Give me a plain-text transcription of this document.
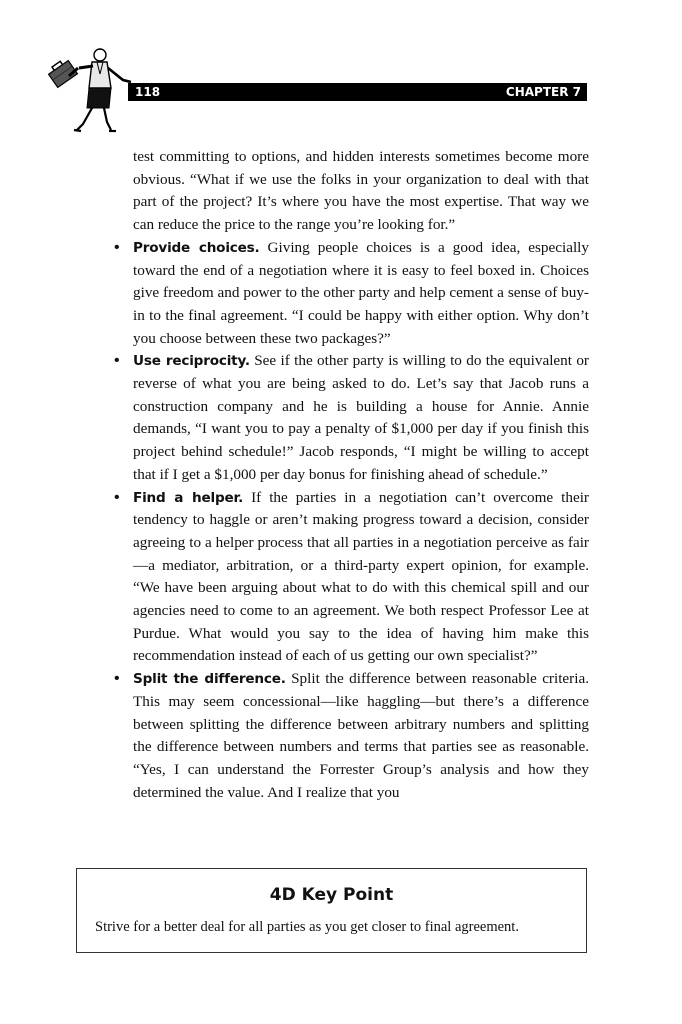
118	CHAPTER 7

test committing to options, and hidden interests sometimes become more obvious. “What if we use the folks in your organization to deal with that part of the project? It’s where you have the most expertise. That way we can reduce the price to the range you’re looking for.”

• Provide choices. Giving people choices is a good idea, especially toward the end of a negotiation where it is easy to feel boxed in. Choices give freedom and power to the other party and help cement a sense of buy-in to the final agreement. “I could be happy with either option. Why don’t you choose between these two packages?”
• Use reciprocity. See if the other party is willing to do the equivalent or reverse of what you are being asked to do. Let’s say that Jacob runs a construction company and he is building a house for Annie. Annie demands, “I want you to pay a penalty of $1,000 per day if you finish this project behind schedule!” Jacob responds, “I might be willing to accept that if I get a $1,000 per day bonus for finishing ahead of schedule.”
• Find a helper. If the parties in a negotiation can’t overcome their tendency to haggle or aren’t making progress toward a decision, consider agreeing to a helper process that all parties in a negotiation perceive as fair—a mediator, arbitration, or a third-party expert opinion, for example. “We have been arguing about what to do with this chemical spill and our agencies need to come to an agreement. We both respect Professor Lee at Purdue. What would you say to the idea of having him make this recommendation instead of each of us getting our own specialist?”
• Split the difference. Split the difference between reasonable criteria. This may seem concessional—like haggling—but there’s a difference between splitting the difference between arbitrary numbers and splitting the difference between numbers and terms that parties see as reasonable. “Yes, I can understand the Forrester Group’s analysis and how they determined the value. And I realize that you
4D Key Point
Strive for a better deal for all parties as you get closer to final agreement.
